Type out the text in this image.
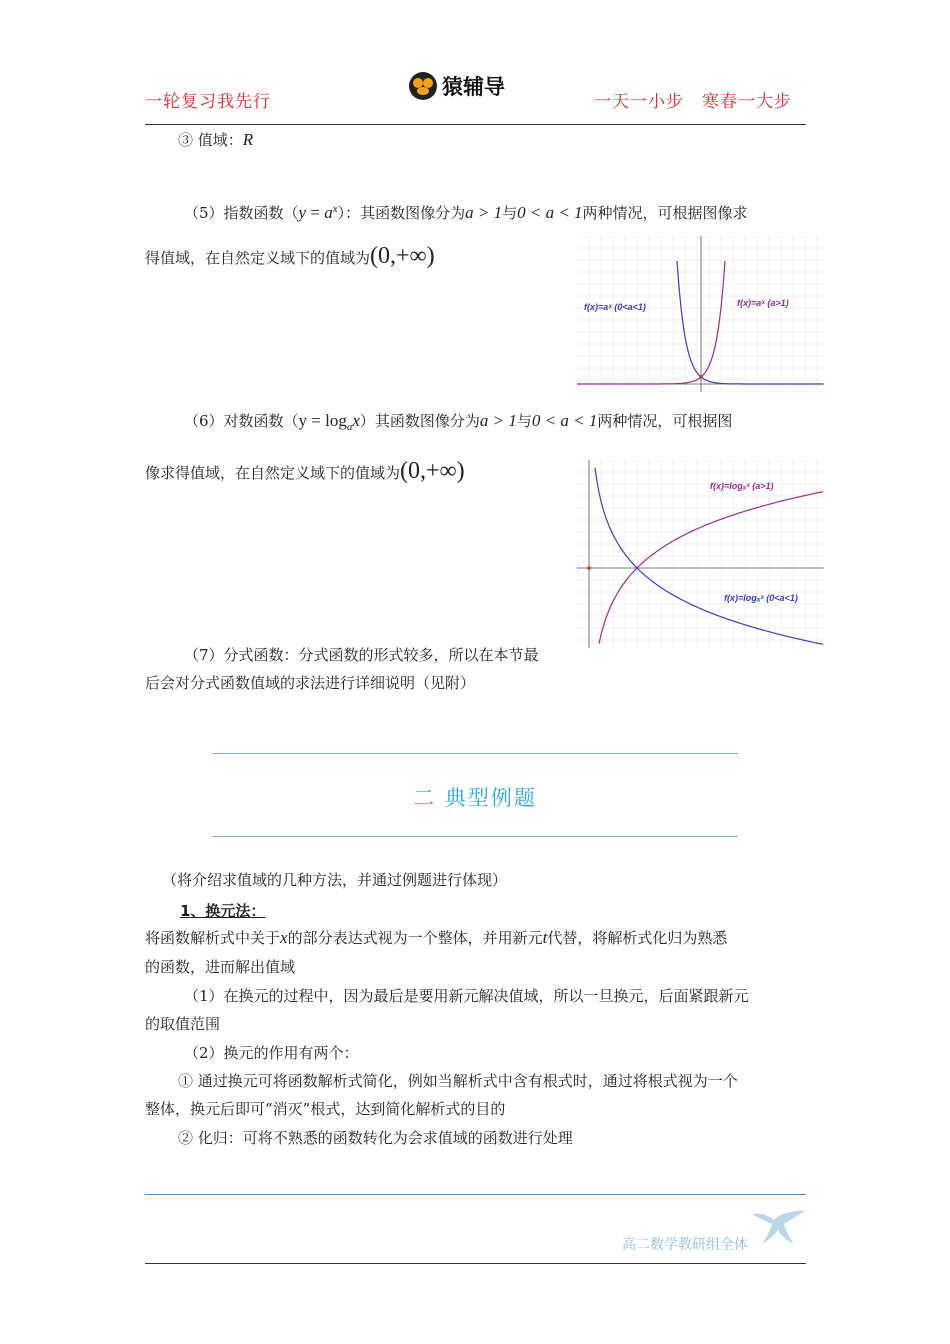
一轮复习我先行
猿辅导
一天一小步　寒春一大步
③ 值域：R
（5）指数函数$(y = a^x)$：其函数图像分为a > 1与0 < a < 1两种情况，可根据图像求
得值域，在自然定义域下的值域为(0,+∞)
f(x)=aˣ (0<a<1)	f(x)=aˣ (a>1)
（6）对数函数$(y = \log_ax)$其函数图像分为a > 1与0 < a < 1两种情况，可根据图
像求得值域，在自然定义域下的值域为(0,+∞)
f(x)=logₐˣ (a>1)
f(x)=logₐˣ (0<a<1)
（7）分式函数：分式函数的形式较多，所以在本节最
后会对分式函数值域的求法进行详细说明（见附）
二 典型例题
（将介绍求值域的几种方法，并通过例题进行体现）
1、换元法：
将函数解析式中关于x的部分表达式视为一个整体，并用新元t代替，将解析式化归为熟悉
的函数，进而解出值域
（1）在换元的过程中，因为最后是要用新元解决值域，所以一旦换元，后面紧跟新元
的取值范围
（2）换元的作用有两个：
① 通过换元可将函数解析式简化，例如当解析式中含有根式时，通过将根式视为一个
整体，换元后即可“消灭”根式，达到简化解析式的目的
② 化归：可将不熟悉的函数转化为会求值域的函数进行处理
高二数学教研组全体
